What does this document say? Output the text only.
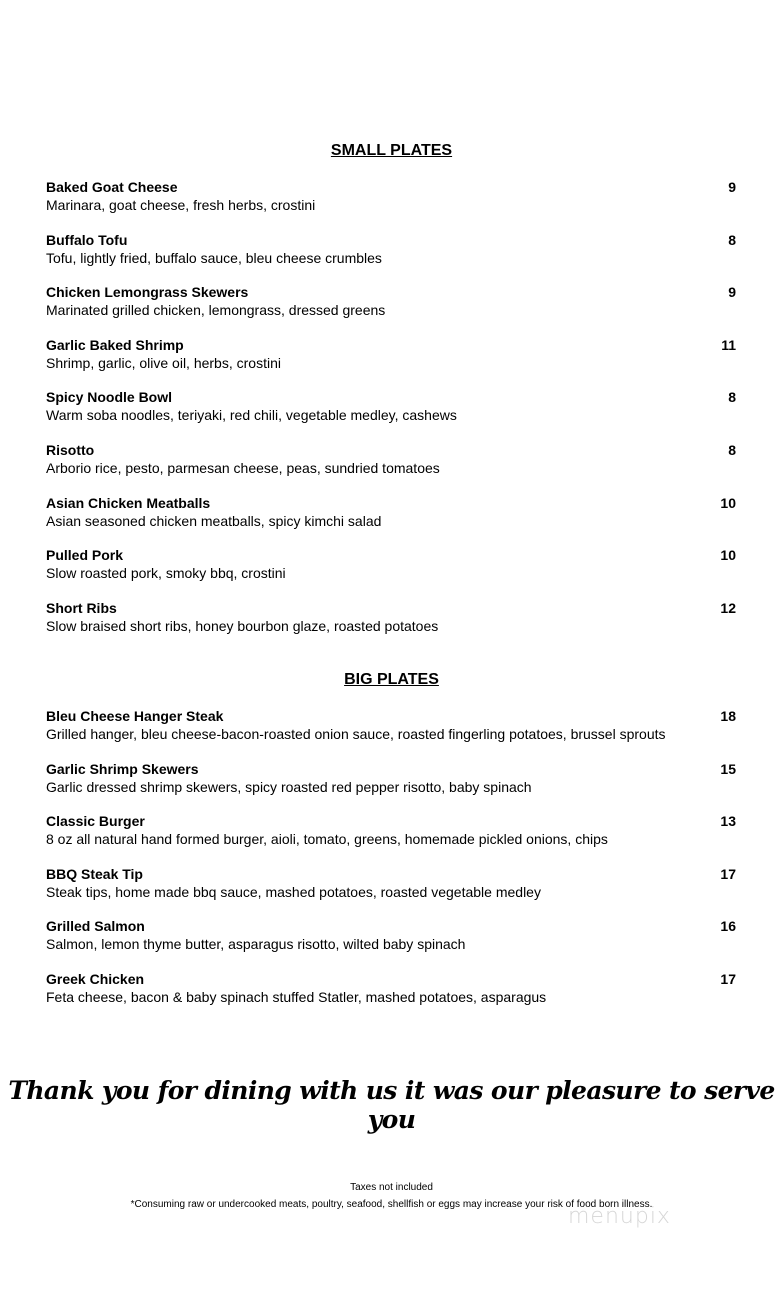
SMALL PLATES
Baked Goat Cheese	9
Marinara, goat cheese, fresh herbs, crostini
Buffalo Tofu	8
Tofu, lightly fried, buffalo sauce, bleu cheese crumbles
Chicken Lemongrass Skewers	9
Marinated grilled chicken, lemongrass, dressed greens
Garlic Baked Shrimp	11
Shrimp, garlic, olive oil, herbs, crostini
Spicy Noodle Bowl	8
Warm soba noodles, teriyaki, red chili, vegetable medley, cashews
Risotto	8
Arborio rice, pesto, parmesan cheese, peas, sundried tomatoes
Asian Chicken Meatballs	10
Asian seasoned chicken meatballs, spicy kimchi salad
Pulled Pork	10
Slow roasted pork, smoky bbq, crostini
Short Ribs	12
Slow braised short ribs, honey bourbon glaze, roasted potatoes
BIG PLATES
Bleu Cheese Hanger Steak	18
Grilled hanger, bleu cheese-bacon-roasted onion sauce, roasted fingerling potatoes, brussel sprouts
Garlic Shrimp Skewers	15
Garlic dressed shrimp skewers, spicy roasted red pepper risotto, baby spinach
Classic Burger	13
8 oz all natural hand formed burger, aioli, tomato, greens, homemade pickled onions, chips
BBQ Steak Tip	17
Steak tips, home made bbq sauce, mashed potatoes, roasted vegetable medley
Grilled Salmon	16
Salmon, lemon thyme butter, asparagus risotto, wilted baby spinach
Greek Chicken	17
Feta cheese, bacon & baby spinach stuffed Statler, mashed potatoes, asparagus
Thank you for dining with us it was our pleasure to serve you
Taxes not included
*Consuming raw or undercooked meats, poultry, seafood, shellfish or eggs may increase your risk of food born illness.
menupix
